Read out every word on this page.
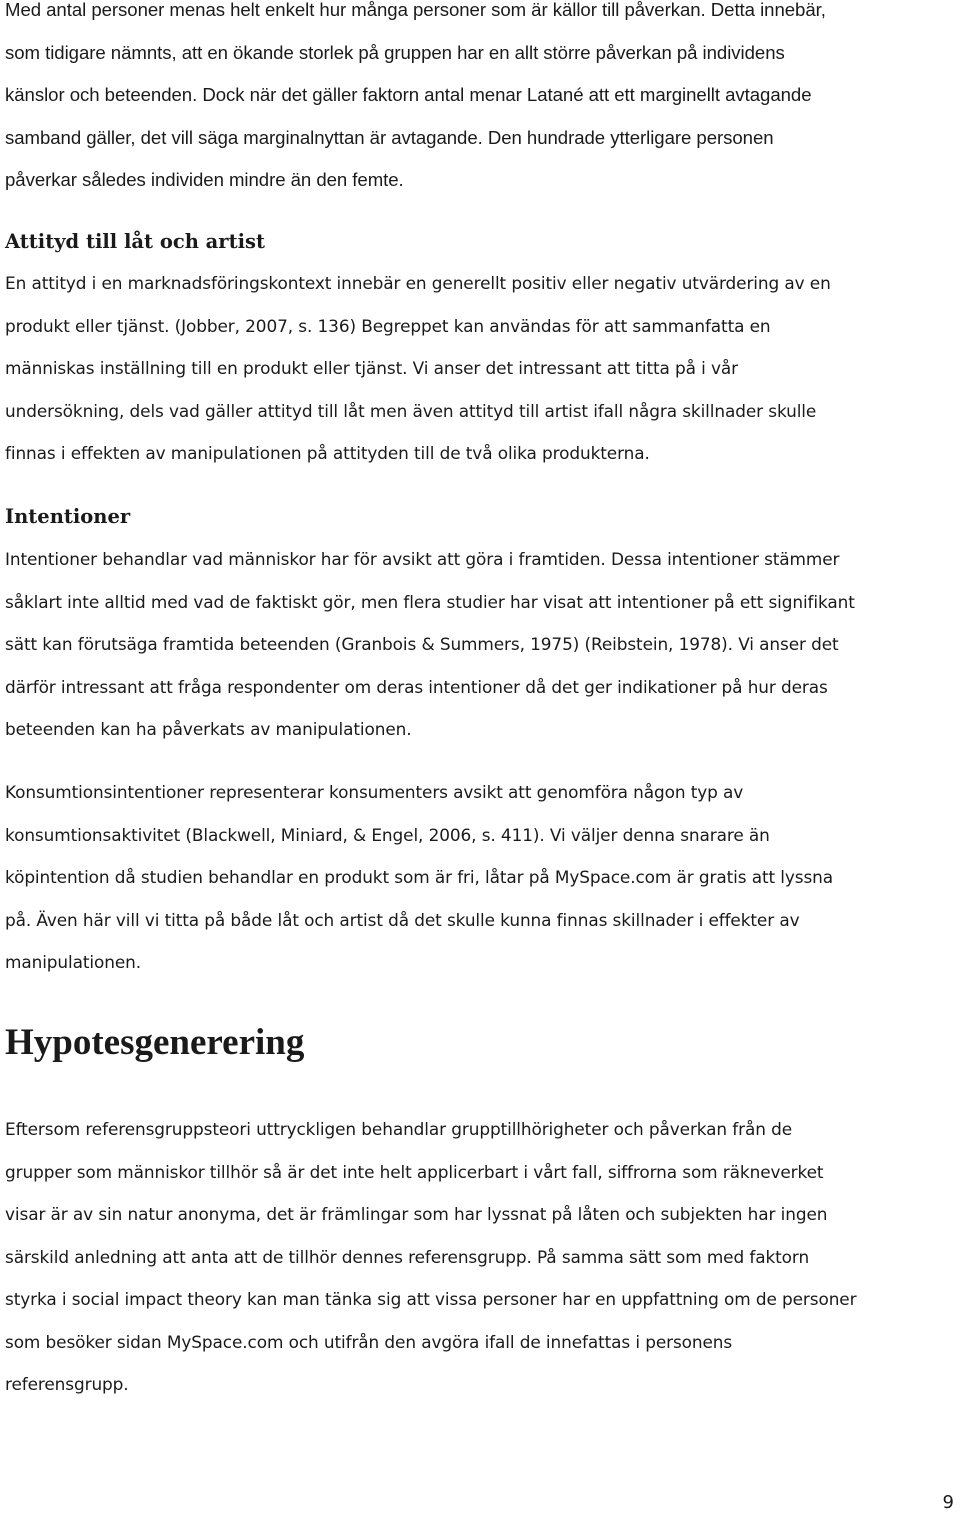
Med antal personer menas helt enkelt hur många personer som är källor till påverkan. Detta innebär,
som tidigare nämnts, att en ökande storlek på gruppen har en allt större påverkan på individens
känslor och beteenden. Dock när det gäller faktorn antal menar Latané att ett marginellt avtagande
samband gäller, det vill säga marginalnyttan är avtagande. Den hundrade ytterligare personen
påverkar således individen mindre än den femte.
Attityd till låt och artist
En attityd i en marknadsföringskontext innebär en generellt positiv eller negativ utvärdering av en
produkt eller tjänst. (Jobber, 2007, s. 136) Begreppet kan användas för att sammanfatta en
människas inställning till en produkt eller tjänst. Vi anser det intressant att titta på i vår
undersökning, dels vad gäller attityd till låt men även attityd till artist ifall några skillnader skulle
finnas i effekten av manipulationen på attityden till de två olika produkterna.
Intentioner
Intentioner behandlar vad människor har för avsikt att göra i framtiden. Dessa intentioner stämmer
såklart inte alltid med vad de faktiskt gör, men flera studier har visat att intentioner på ett signifikant
sätt kan förutsäga framtida beteenden (Granbois & Summers, 1975) (Reibstein, 1978). Vi anser det
därför intressant att fråga respondenter om deras intentioner då det ger indikationer på hur deras
beteenden kan ha påverkats av manipulationen.
Konsumtionsintentioner representerar konsumenters avsikt att genomföra någon typ av
konsumtionsaktivitet (Blackwell, Miniard, & Engel, 2006, s. 411). Vi väljer denna snarare än
köpintention då studien behandlar en produkt som är fri, låtar på MySpace.com är gratis att lyssna
på. Även här vill vi titta på både låt och artist då det skulle kunna finnas skillnader i effekter av
manipulationen.
Hypotesgenerering
Eftersom referensgruppsteori uttryckligen behandlar grupptillhörigheter och påverkan från de
grupper som människor tillhör så är det inte helt applicerbart i vårt fall, siffrorna som räkneverket
visar är av sin natur anonyma, det är främlingar som har lyssnat på låten och subjekten har ingen
särskild anledning att anta att de tillhör dennes referensgrupp. På samma sätt som med faktorn
styrka i social impact theory kan man tänka sig att vissa personer har en uppfattning om de personer
som besöker sidan MySpace.com och utifrån den avgöra ifall de innefattas i personens
referensgrupp.
9
